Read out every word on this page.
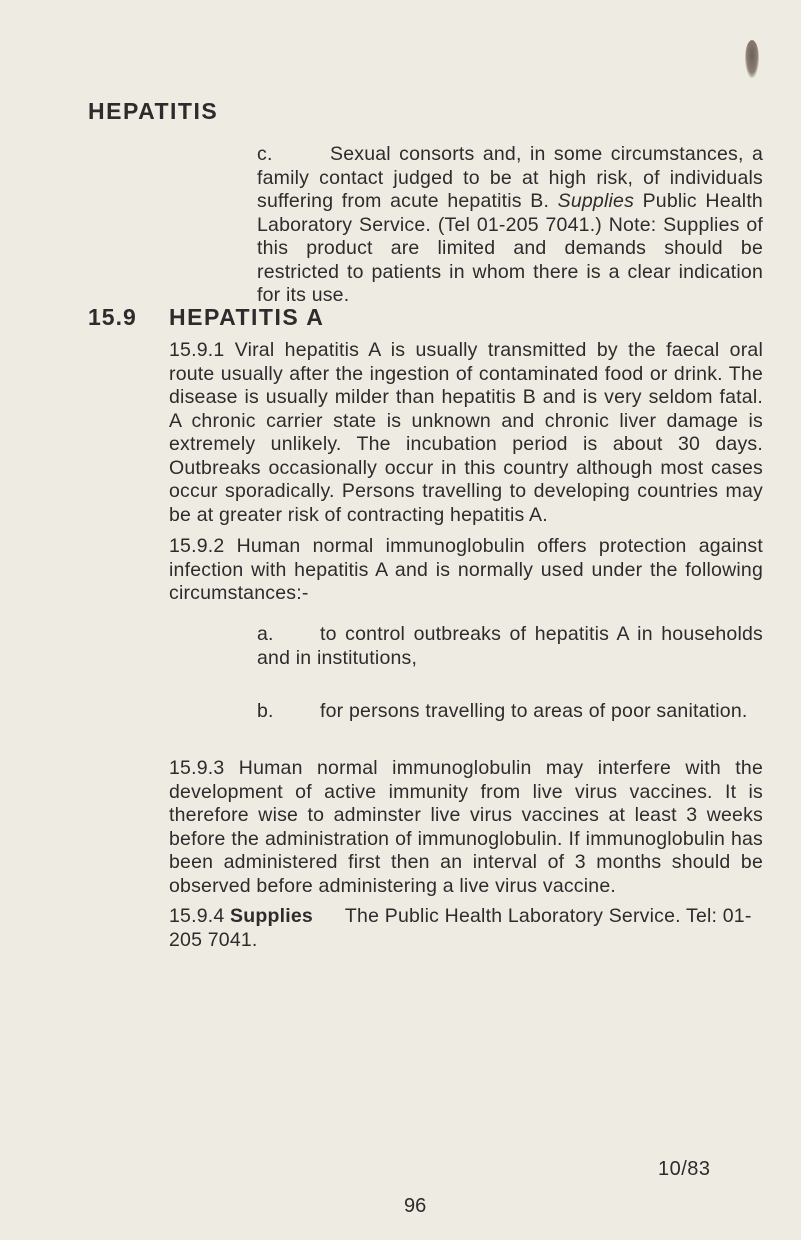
HEPATITIS
c.	Sexual consorts and, in some circumstances, a family contact judged to be at high risk, of individuals suffering from acute hepatitis B. Supplies Public Health Laboratory Service. (Tel 01-205 7041.) Note: Supplies of this product are limited and demands should be restricted to patients in whom there is a clear indication for its use.
15.9 HEPATITIS A
15.9.1 Viral hepatitis A is usually transmitted by the faecal oral route usually after the ingestion of contaminated food or drink. The disease is usually milder than hepatitis B and is very seldom fatal. A chronic carrier state is unknown and chronic liver damage is extremely unlikely. The incubation period is about 30 days. Outbreaks occasionally occur in this country although most cases occur sporadically. Persons travelling to developing countries may be at greater risk of contracting hepatitis A.
15.9.2 Human normal immunoglobulin offers protection against infection with hepatitis A and is normally used under the following circumstances:-
a. to control outbreaks of hepatitis A in households and in institutions,
b. for persons travelling to areas of poor sanitation.
15.9.3 Human normal immunoglobulin may interfere with the development of active immunity from live virus vaccines. It is therefore wise to adminster live virus vaccines at least 3 weeks before the administration of immunoglobulin. If immunoglobulin has been administered first then an interval of 3 months should be observed before administering a live virus vaccine.
15.9.4 Supplies The Public Health Laboratory Service. Tel: 01-205 7041.
10/83
96
